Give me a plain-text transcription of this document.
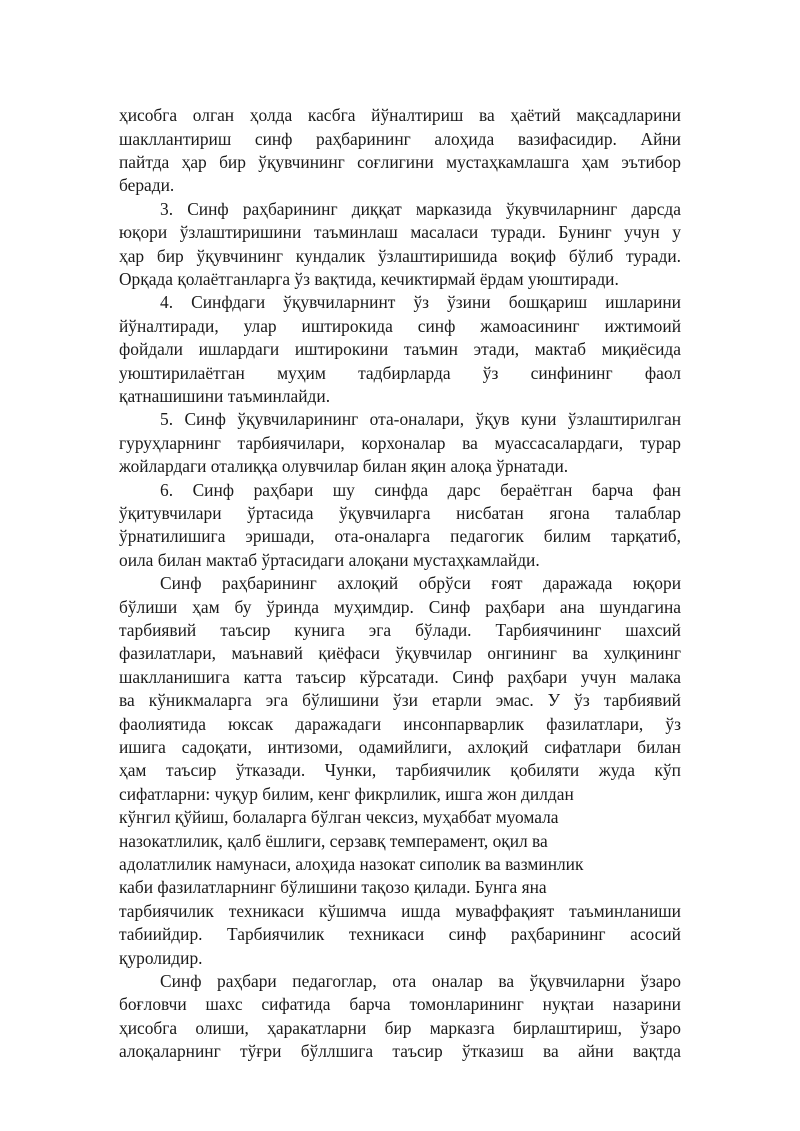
ҳисобга олган ҳолда касбга йўналтириш ва ҳаётий мақсадларини
шакллантириш синф раҳбарининг алоҳида вазифасидир. Айни
пайтда ҳар бир ўқувчининг соғлигини мустаҳкамлашга ҳам эътибор
беради.
3. Синф раҳбарининг диққат марказида ўкувчиларнинг дарсда
юқори ўзлаштиришини таъминлаш масаласи туради. Бунинг учун у
ҳар бир ўқувчининг кундалик ўзлаштиришида воқиф бўлиб туради.
Орқада қолаётганларга ўз вақтида, кечиктирмай ёрдам уюштиради.
4. Синфдаги ўқувчиларнинт ўз ўзини бошқариш ишларини
йўналтиради, улар иштирокида синф жамоасининг ижтимоий
фойдали ишлардаги иштирокини таъмин этади, мактаб миқиёсида
уюштирилаётган муҳим тадбирларда ўз синфининг фаол
қатнашишини таъминлайди.
5. Синф ўқувчиларининг ота-оналари, ўқув куни ўзлаштирилган
гуруҳларнинг тарбиячилари, корхоналар ва муассасалардаги, турар
жойлардаги оталиққа олувчилар билан яқин алоқа ўрнатади.
6. Синф раҳбари шу синфда дарс бераётган барча фан
ўқитувчилари ўртасида ўқувчиларга нисбатан ягона талаблар
ўрнатилишига эришади, ота-оналарга педагогик билим тарқатиб,
оила билан мактаб ўртасидаги алоқани мустаҳкамлайди.
Синф раҳбарининг ахлоқий обрўси ғоят даражада юқори
бўлиши ҳам бу ўринда муҳимдир. Синф раҳбари ана шундагина
тарбиявий таъсир кунига эга бўлади. Тарбиячининг шахсий
фазилатлари, маънавий қиёфаси ўқувчилар онгининг ва хулқининг
шаклланишига катта таъсир кўрсатади. Синф раҳбари учун малака
ва кўникмаларга эга бўлишини ўзи етарли эмас. У ўз тарбиявий
фаолиятида юксак даражадаги инсонпарварлик фазилатлари, ўз
ишига садоқати, интизоми, одамийлиги, ахлоқий сифатлари билан
ҳам таъсир ўтказади. Чунки, тарбиячилик қобиляти жуда кўп
сифатларни: чуқур билим, кенг фикрлилик, ишга жон дилдан
кўнгил қўйиш, болаларга бўлган чексиз, муҳаббат муомала
назокатлилик, қалб ёшлиги, серзавқ темперамент, оқил ва
адолатлилик намунаси, алоҳида назокат сиполик ва вазминлик
каби фазилатларнинг бўлишини тақозо қилади. Бунга яна
тарбиячилик техникаси кўшимча ишда муваффақият таъминланиши
табиийдир. Тарбиячилик техникаси синф раҳбарининг асосий
қуролидир.
Синф раҳбари педагоглар, ота оналар ва ўқувчиларни ўзаро
боғловчи шахс сифатида барча томонларининг нуқтаи назарини
ҳисобга олиши, ҳаракатларни бир марказга бирлаштириш, ўзаро
алоқаларнинг тўғри бўллшига таъсир ўтказиш ва айни вақтда
